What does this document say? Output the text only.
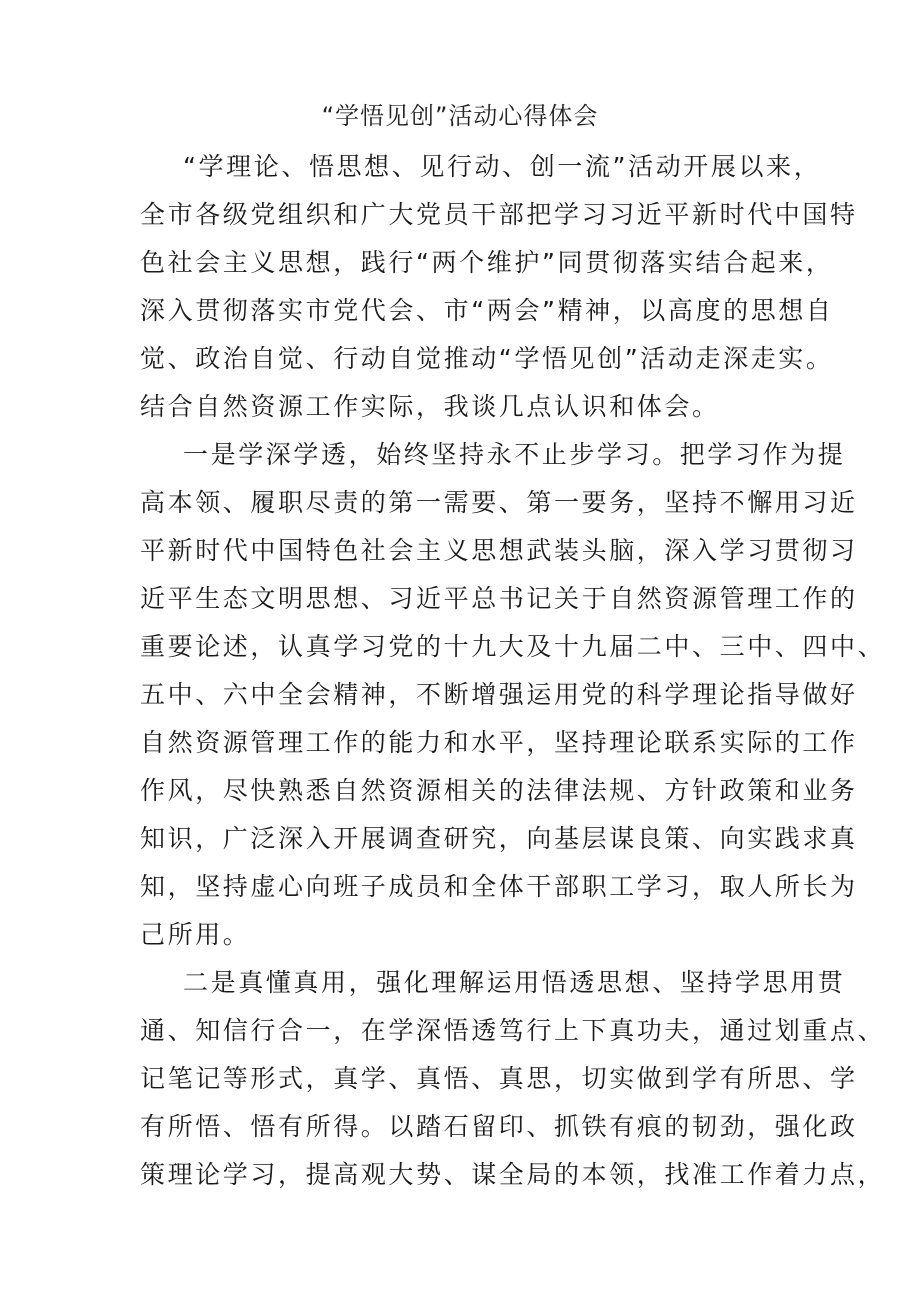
“学悟见创”活动心得体会
“学理论、悟思想、见行动、创一流”活动开展以来，
全市各级党组织和广大党员干部把学习习近平新时代中国特
色社会主义思想，践行“两个维护”同贯彻落实结合起来，
深入贯彻落实市党代会、市“两会”精神，以高度的思想自
觉、政治自觉、行动自觉推动“学悟见创”活动走深走实。
结合自然资源工作实际，我谈几点认识和体会。
一是学深学透，始终坚持永不止步学习。把学习作为提
高本领、履职尽责的第一需要、第一要务，坚持不懈用习近
平新时代中国特色社会主义思想武装头脑，深入学习贯彻习
近平生态文明思想、习近平总书记关于自然资源管理工作的
重要论述，认真学习党的十九大及十九届二中、三中、四中、
五中、六中全会精神，不断增强运用党的科学理论指导做好
自然资源管理工作的能力和水平，坚持理论联系实际的工作
作风，尽快熟悉自然资源相关的法律法规、方针政策和业务
知识，广泛深入开展调查研究，向基层谋良策、向实践求真
知，坚持虚心向班子成员和全体干部职工学习，取人所长为
己所用。
二是真懂真用，强化理解运用悟透思想、坚持学思用贯
通、知信行合一，在学深悟透笃行上下真功夫，通过划重点、
记笔记等形式，真学、真悟、真思，切实做到学有所思、学
有所悟、悟有所得。以踏石留印、抓铁有痕的韧劲，强化政
策理论学习，提高观大势、谋全局的本领，找准工作着力点，
